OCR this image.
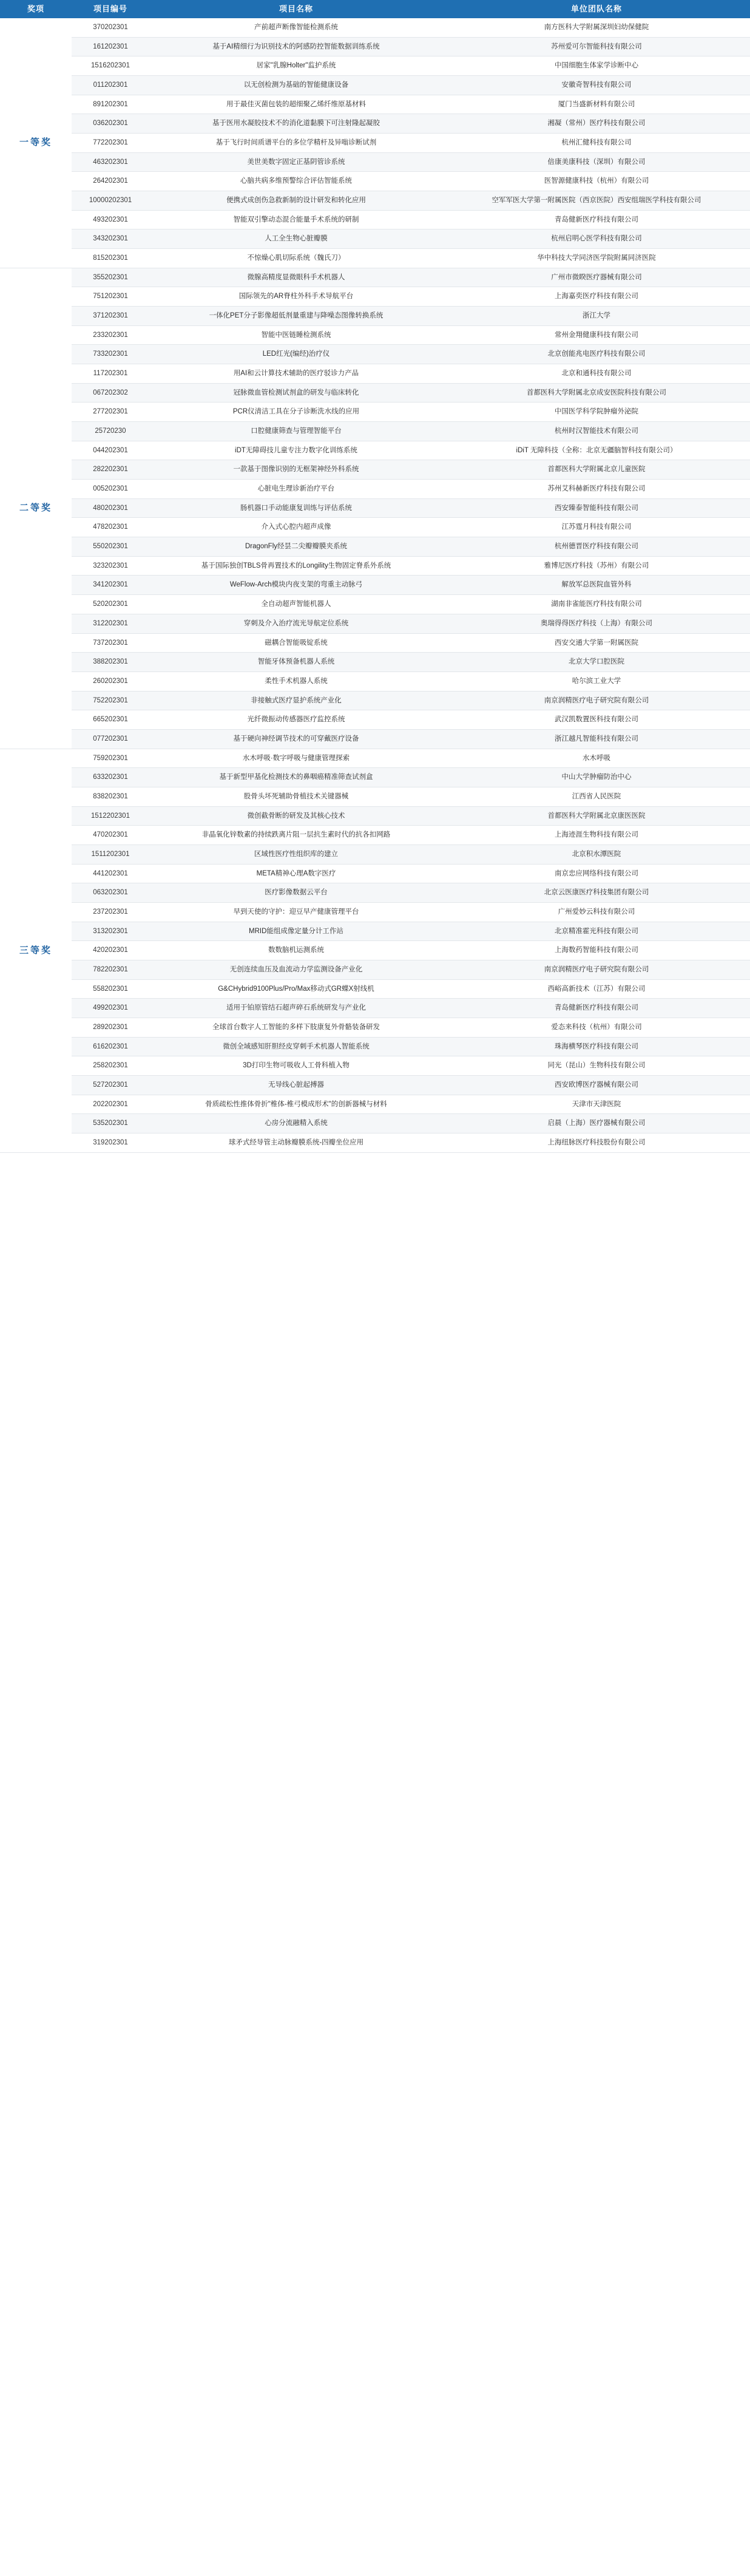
奖项	项目编号	项目名称	单位团队名称
一等奖	370202301	产前超声断像智能检测系统	南方医科大学附属深圳妇幼保健院
	161202301	基于AI精细行为识别技术的阿感防控智能数据训练系统	苏州爱可尔智能科技有限公司
	1516202301	居家"乳腺Holter"监护系统	中国细胞生体家学诊断中心
	011202301	以无创检测为基础的智能健康设备	安徽奇智科技有限公司
	891202301	用于最佳灭菌包装的超细聚乙烯纤维原基材料	厦门当盛新材料有限公司
	036202301	基于医用水凝胶技术不的消化道黏膜下可注射隆起凝胶	湘凝（常州）医疗科技有限公司
	772202301	基于飞行时间质谱平台的多位学精杆及异嗡诊断试剂	杭州汇健科技有限公司
	463202301	美世美数字固定正基阴管诊系统	倍康美康科技（深圳）有限公司
	264202301	心脑共病多维预警综合评估智能系统	医智源健康科技（杭州）有限公司
	10000202301	便携式成创伤急救新制的设计研发和转化应用	空军军医大学第一附属医院（西京医院）西安组瑞医学科技有限公司
	493202301	智能双引擎动态混合能量手术系统的研制	青岛健新医疗科技有限公司
	343202301	人工全生物心脏瓣膜	杭州启明心医学科技有限公司
	815202301	不惊燥心肌切际系统（魏氏刀）	华中科技大学同济医学院附属同济医院
二等奖	355202301	微腺高精度显微眼科手术机器人	广州市微睽医疗器械有限公司
	751202301	国际领先的AR脊柱外科手术导航平台	上海嘉奕医疗科技有限公司
	371202301	一体化PET分子影像超低剂量重建与降噪态图像转换系统	浙江大学
	233202301	智能中医链睡检测系统	常州金翔健康科技有限公司
	733202301	LED红光(编经)治疗仪	北京创能兆电医疗科技有限公司
	117202301	用AI和云计算技术辅助的医疗驳诊力产品	北京和通科技有限公司
	067202302	冠脉微血管检测试剂盒的研发与临床转化	首都医科大学附属北京成安医院科技有限公司
	277202301	PCR仪清洁工具在分子诊断洗水线的应用	中国医学科学院肿瘤外泌院
	25720230	口腔健康筛查与管理智能平台	杭州时汉智能技术有限公司
	044202301	iDT无障碍技儿童专注力数字化训练系统	iDiT 无障科技（全称：北京无疆脑智科技有限公司）
	282202301	一款基于图像识别的无框架神经外科系统	首都医科大学附属北京儿童医院
	005202301	心脏电生理诊新治疗平台	苏州艾科赫新医疗科技有限公司
	480202301	肠机器口手动能康复训练与评估系统	西安臻泰智能科技有限公司
	478202301	介入式心腔内超声成像	江苏霆月科技有限公司
	550202301	DragonFly经昙二尖瓣瓣膜夹系统	杭州德晋医疗科技有限公司
	323202301	基于国际独创TBLS骨再置技术的Longility生物固定脊系外系统	雅博尼医疗科技（苏州）有限公司
	341202301	WeFlow-Arch模块内夜支架的弯重主动脉弓	解放军总医院血管外科
	520202301	全自动超声智能机器人	湖南非雀能医疗科技有限公司
	312202301	穿刺及介入治疗流光导航定位系统	奥瑞得得医疗科技（上海）有限公司
	737202301	磁耦合智能吸锭系统	西安交通大学第一附属医院
	388202301	智能牙体预备机器人系统	北京大学口腔医院
	260202301	柔性手术机器人系统	哈尔滨工业大学
	752202301	非接触式医疗显护系统产业化	南京润精医疗电子研究院有限公司
	665202301	光纤微振动传感器医疗监控系统	武汉凯数置医科技有限公司
	077202301	基于硬向神经调节技术的可穿戴医疗设备	浙江越凡智能科技有限公司
三等奖	759202301	水木呼吸·数字呼吸与健康管理探索	水木呼吸
	633202301	基于新型甲基化检测技术的鼻咽癌精准筛查试剂盒	中山大学肿瘤防治中心
	838202301	股骨头坏死辅助骨植技术关键器械	江西省人民医院
	1512202301	微创截骨断的研发及其核心技术	首都医科大学附属北京康医医院
	470202301	非晶氧化锌数素的持续跌离片阻一层抗生素时代的抗各扣网路	上海迹涯生物科技有限公司
	1511202301	区域性医疗性组织库的建立	北京积水潭医院
	441202301	META精神心理A数字医疗	南京忠应网络科技有限公司
	063202301	医疗影像数据云平台	北京云医康医疗科技集团有限公司
	237202301	早到天使的守护：迎豆早产健康管理平台	广州爱妙云科技有限公司
	313202301	MRID能组成像定量分计工作站	北京精准霍光科技有限公司
	420202301	数数脑机运测系统	上海数药智能科技有限公司
	782202301	无创连续血压及血流动力学监测设备产业化	南京润精医疗电子研究院有限公司
	558202301	G&CHybrid9100Plus/Pro/Max移动式GR蝶X射线机	西峪高新技术（江苏）有限公司
	499202301	适用于铂原管结石超声碎石系统研发与产业化	青岛健新医疗科技有限公司
	289202301	全球首台数字人工智能的多样下肢康复外骨骼装备研发	爱态来科技（杭州）有限公司
	616202301	微创全域感知肝胆经皮穿刺手术机器人智能系统	珠海横琴医疗科技有限公司
	258202301	3D打印生物可吸收人工骨科植入物	同光（昆山）生物科技有限公司
	527202301	无导线心脏起搏器	西安欧博医疗器械有限公司
	202202301	骨质疏松性推体骨折"椎体-椎弓模成形术"的创新器械与材料	天津市天津医院
	535202301	心房分流融精入系统	启晨（上海）医疗器械有限公司
	319202301	球矛式经导管主动脉瓣膜系统-四瓣坐位应用	上海纽脉医疗科技股份有限公司
